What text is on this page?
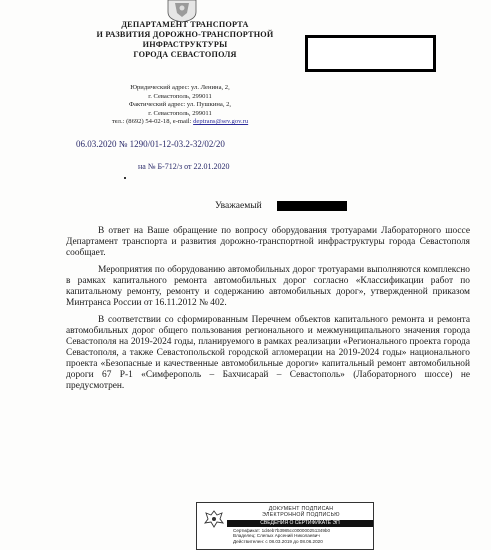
ДЕПАРТАМЕНТ ТРАНСПОРТА
И РАЗВИТИЯ ДОРОЖНО-ТРАНСПОРТНОЙ
ИНФРАСТРУКТУРЫ
ГОРОДА СЕВАСТОПОЛЯ
Юридический адрес: ул. Ленина, 2,
г. Севастополь, 299011
Фактический адрес: ул. Пушкина, 2,
г. Севастополь, 299011
тел.: (8692) 54-02-18, e-mail: deptrans@sev.gov.ru
06.03.2020 № 1290/01-12-03.2-32/02/20
на № Б-712/з от 22.01.2020
Уважаемый

В ответ на Ваше обращение по вопросу оборудования тротуарами Лабораторного шоссе Департамент транспорта и развития дорожно-транспортной инфраструктуры города Севастополя сообщает.

Мероприятия по оборудованию автомобильных дорог тротуарами выполняются комплексно в рамках капитального ремонта автомобильных дорог согласно «Классификации работ по капитальному ремонту, ремонту и содержанию автомобильных дорог», утвержденной приказом Минтранса России от 16.11.2012 № 402.

В соответствии со сформированным Перечнем объектов капитального ремонта и ремонта автомобильных дорог общего пользования регионального и межмуниципального значения города Севастополя на 2019-2024 годы, планируемого в рамках реализации «Регионального проекта города Севастополя, а также Севастопольской городской агломерации на 2019-2024 годы» национального проекта «Безопасные и качественные автомобильные дороги» капитальный ремонт автомобильной дороги 67 Р-1 «Симферополь – Бахчисарай – Севастополь» (Лабораторного шоссе) не предусмотрен.

ДОКУМЕНТ ПОДПИСАН
ЭЛЕКТРОННОЙ ПОДПИСЬЮ
СВЕДЕНИЯ О СЕРТИФИКАТЕ ЭП
Сертификат: 1d4eb7b3985cc000000251349b0
Владелец: Слепых Арсений Николаевич
Действителен: с 08.03.2019 до 08.06.2020
